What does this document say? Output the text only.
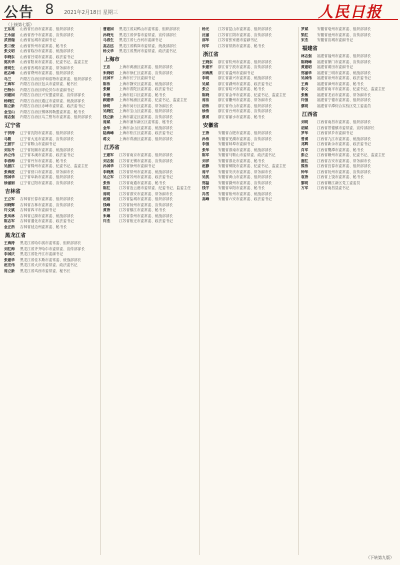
公告 8 2021年2月18日 星期三	人民日报
（上接第七版）
王东亮	山西省长治市委常委、组织部部长
王永丽	山西省晋中市委常委、宣传部部长
武晋瑞	山西省运城市委副书记
张三俊	山西省忻州市委常委、秘书长
张文明	山西省临汾市委常委、统战部部长
李晓东	山西省吕梁市委常委、政法委书记
郭庆华	山西省阳泉市委常委、纪委书记、监委主任
贾明生	山西省晋城市委常委、常务副市长
赵志峰	山西省朔州市委常委、组织部部长
乌兰	内蒙古自治区呼和浩特市委常委、组织部部长
王海军	内蒙古自治区包头市委常委、秘书长
巴特尔	内蒙古自治区呼伦贝尔市委副书记
刘建国	内蒙古自治区兴安盟委常委、宣传部部长
杨晓红	内蒙古自治区通辽市委常委、统战部部长
陈立新	内蒙古自治区赤峰市委常委、政法委书记
金宝山	内蒙古自治区锡林郭勒盟委常委、秘书长
周志强	内蒙古自治区乌兰察布市委常委、组织部部长
辽宁省
于洪涛	辽宁省沈阳市委常委、组织部部长
马骏	辽宁省大连市委常委、宣传部部长
王振宇	辽宁省鞍山市委副书记
刘东升	辽宁省抚顺市委常委、统战部部长
孙立伟	辽宁省本溪市委常委、政法委书记
李春梅	辽宁省丹东市委常委、秘书长
吴振江	辽宁省锦州市委常委、纪委书记、监委主任
张海波	辽宁省营口市委常委、常务副市长
郑国华	辽宁省阜新市委常委、组织部部长
徐丽娟	辽宁省辽阳市委常委、宣传部部长
吉林省
王立军	吉林省长春市委常委、组织部部长
刘晓辉	吉林省吉林市委常委、宣传部部长
许文斌	吉林省四平市委副书记
张凤林	吉林省辽源市委常委、统战部部长
陈志军	吉林省通化市委常委、政法委书记
金正浩	吉林省延边州委常委、秘书长
黑龙江省
王海涛	黑龙江省哈尔滨市委常委、组织部部长
刘红梅	黑龙江省齐齐哈尔市委常委、宣传部部长
李国庆	黑龙江省牡丹江市委副书记
张建华	黑龙江省佳木斯市委常委、统战部部长
赵宏伟	黑龙江省大庆市委常委、政法委书记
周立新	黑龙江省鸡西市委常委、秘书长
曹建国	黑龙江省双鸭山市委常委、组织部部长
孙晓光	黑龙江省伊春市委常委、宣传部部长
马春生	黑龙江省七台河市委副书记
高志远	黑龙江省鹤岗市委常委、统战部部长
杨文华	黑龙江省黑河市委常委、政法委书记
上海市
王忠	上海市黄浦区委常委、组织部部长
朱晓明	上海市徐汇区委常委、宣传部部长
沈国平	上海市长宁区委副书记
陈伟	上海市静安区委常委、统战部部长
张颖	上海市普陀区委常委、政法委书记
李俊	上海市虹口区委常委、秘书长
顾建华	上海市杨浦区委常委、纪委书记、监委主任
徐明	上海市闵行区委常委、常务副区长
吴晓红	上海市宝山区委常委、组织部部长
钱立新	上海市嘉定区委常委、宣传部部长
周斌	上海市浦东新区区委常委、秘书长
金华	上海市金山区委常委、统战部部长
陆海峰	上海市松江区委常委、政法委书记
蒋文	上海市青浦区委常委、组织部部长
江苏省
王建军	江苏省南京市委常委、组织部部长
刘志强	江苏省无锡市委常委、宣传部部长
孙国华	江苏省徐州市委副书记
李晓燕	江苏省常州市委常委、统战部部长
吴立军	江苏省苏州市委常委、政法委书记
张伟	江苏省南通市委常委、秘书长
陈红	江苏省连云港市委常委、纪委书记、监委主任
周明	江苏省淮安市委常委、常务副市长
赵刚	江苏省盐城市委常委、组织部部长
钱峰	江苏省扬州市委常委、宣传部部长
黄涛	江苏省镇江市委常委、秘书长
朱琳	江苏省泰州市委常委、统战部部长
许杰	江苏省宿迁市委常委、政法委书记
杨光	江苏省昆山市委常委、组织部部长
沈丽	江苏省江阴市委常委、宣传部部长
邵华	江苏省张家港市委副书记
何军	江苏省常熟市委常委、秘书长
浙江省
王晓东	浙江省杭州市委常委、组织部部长
朱建平	浙江省宁波市委常委、宣传部部长
刘海燕	浙江省温州市委副书记
李明	浙江省嘉兴市委常委、统战部部长
吴斌	浙江省湖州市委常委、政法委书记
张立	浙江省绍兴市委常委、秘书长
陈晓	浙江省金华市委常委、纪委书记、监委主任
周洁	浙江省衢州市委常委、常务副市长
胡伟	浙江省舟山市委常委、组织部部长
徐浩	浙江省台州市委常委、宣传部部长
蔡勇	浙江省丽水市委常委、秘书长
安徽省
王涛	安徽省合肥市委常委、组织部部长
孙伟	安徽省芜湖市委常委、宣传部部长
李强	安徽省蚌埠市委副书记
张华	安徽省淮南市委常委、统战部部长
陈军	安徽省马鞍山市委常委、政法委书记
刘洋	安徽省淮北市委常委、秘书长
赵静	安徽省铜陵市委常委、纪委书记、监委主任
周平	安徽省安庆市委常委、常务副市长
吴凯	安徽省黄山市委常委、组织部部长
郑磊	安徽省滁州市委常委、宣传部部长
钱宇	安徽省阜阳市委常委、秘书长
冯雪	安徽省宿州市委常委、统战部部长
高峰	安徽省六安市委常委、政法委书记
罗斌	安徽省亳州市委常委、组织部部长
梁红	安徽省池州市委常委、宣传部部长
宋杰	安徽省宣城市委副书记
福建省
林志强	福建省福州市委常委、组织部部长
陈晓峰	福建省厦门市委常委、宣传部部长
黄建明	福建省莆田市委副书记
郑丽华	福建省三明市委常委、统战部部长
吴国伟	福建省泉州市委常委、政法委书记
王海	福建省漳州市委常委、秘书长
李文	福建省南平市委常委、纪委书记、监委主任
张敏	福建省龙岩市委常委、常务副市长
许强	福建省宁德市委常委、组织部部长
蔡明	福建省平潭综合实验区党工委委员
江西省
刘明	江西省南昌市委常委、组织部部长
胡斌	江西省景德镇市委常委、宣传部部长
罗华	江西省萍乡市委副书记
曾勇	江西省九江市委常委、统战部部长
邓辉	江西省新余市委常委、政法委书记
肖军	江西省鹰潭市委常委、秘书长
彭立	江西省赣州市委常委、纪委书记、监委主任
谢红	江西省吉安市委常委、常务副市长
熊伟	江西省宜春市委常委、组织部部长
钟华	江西省抚州市委常委、宣传部部长
袁涛	江西省上饶市委常委、秘书长
黎明	江西省赣江新区党工委委员
万军	江西省南昌县委书记
（下转第九版）
